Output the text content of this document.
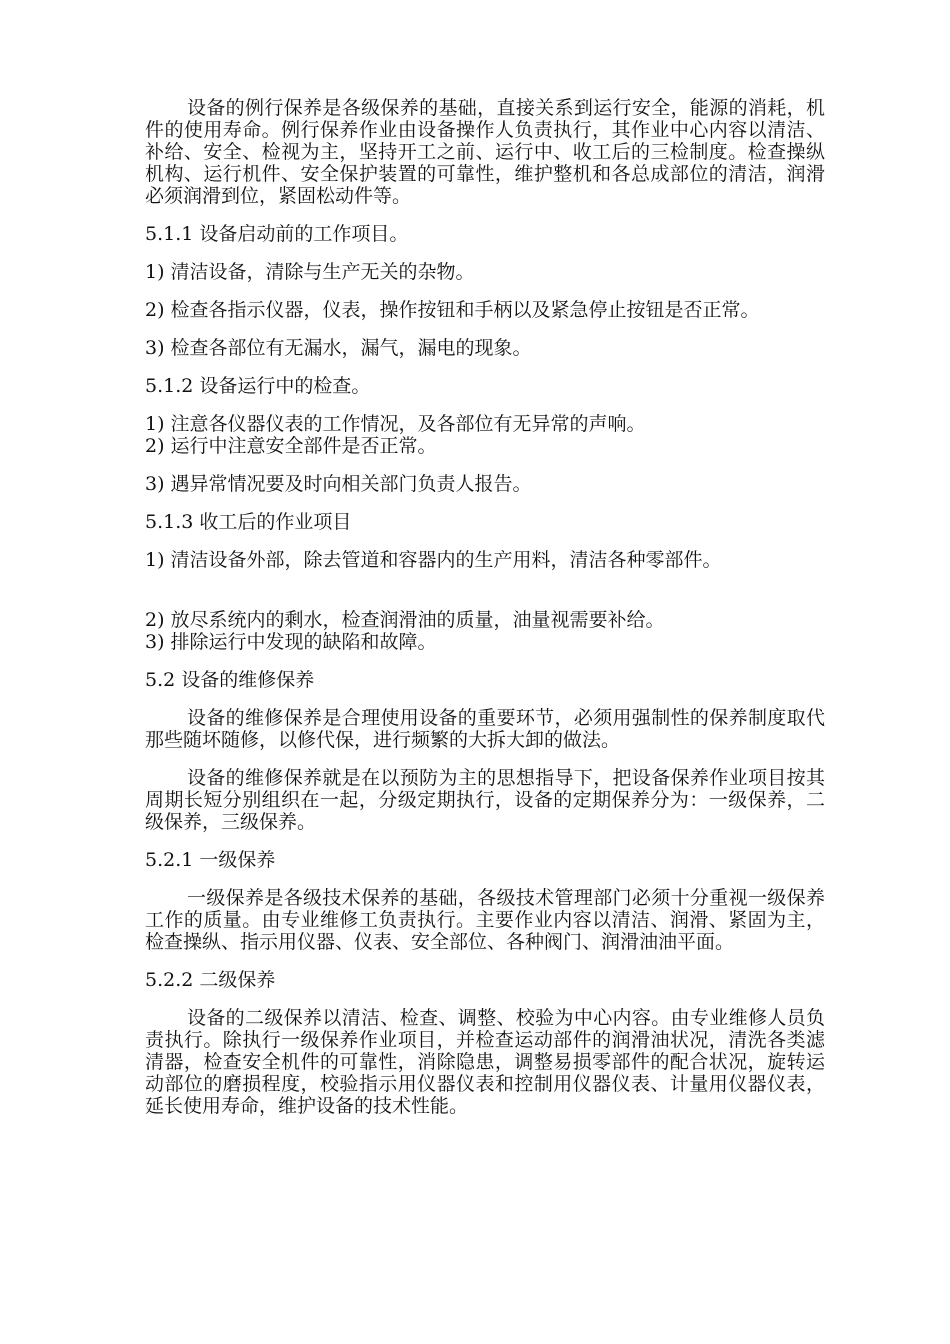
设备的例行保养是各级保养的基础，直接关系到运行安全，能源的消耗，机件的使用寿命。例行保养作业由设备操作人负责执行，其作业中心内容以清洁、补给、安全、检视为主，坚持开工之前、运行中、收工后的三检制度。检查操纵机构、运行机件、安全保护装置的可靠性，维护整机和各总成部位的清洁，润滑必须润滑到位，紧固松动件等。

5.1.1 设备启动前的工作项目。

1) 清洁设备，清除与生产无关的杂物。

2) 检查各指示仪器，仪表，操作按钮和手柄以及紧急停止按钮是否正常。

3) 检查各部位有无漏水，漏气，漏电的现象。

5.1.2 设备运行中的检查。

1) 注意各仪器仪表的工作情况，及各部位有无异常的声响。

2) 运行中注意安全部件是否正常。

3) 遇异常情况要及时向相关部门负责人报告。

5.1.3 收工后的作业项目

1) 清洁设备外部，除去管道和容器内的生产用料，清洁各种零部件。

2) 放尽系统内的剩水，检查润滑油的质量，油量视需要补给。

3) 排除运行中发现的缺陷和故障。

5.2 设备的维修保养

设备的维修保养是合理使用设备的重要环节，必须用强制性的保养制度取代那些随坏随修，以修代保，进行频繁的大拆大卸的做法。

设备的维修保养就是在以预防为主的思想指导下，把设备保养作业项目按其周期长短分别组织在一起，分级定期执行，设备的定期保养分为：一级保养，二级保养，三级保养。

5.2.1 一级保养

一级保养是各级技术保养的基础，各级技术管理部门必须十分重视一级保养工作的质量。由专业维修工负责执行。主要作业内容以清洁、润滑、紧固为主，检查操纵、指示用仪器、仪表、安全部位、各种阀门、润滑油油平面。

5.2.2 二级保养

设备的二级保养以清洁、检查、调整、校验为中心内容。由专业维修人员负责执行。除执行一级保养作业项目，并检查运动部件的润滑油状况，清洗各类滤清器，检查安全机件的可靠性，消除隐患，调整易损零部件的配合状况，旋转运动部位的磨损程度，校验指示用仪器仪表和控制用仪器仪表、计量用仪器仪表，延长使用寿命，维护设备的技术性能。
